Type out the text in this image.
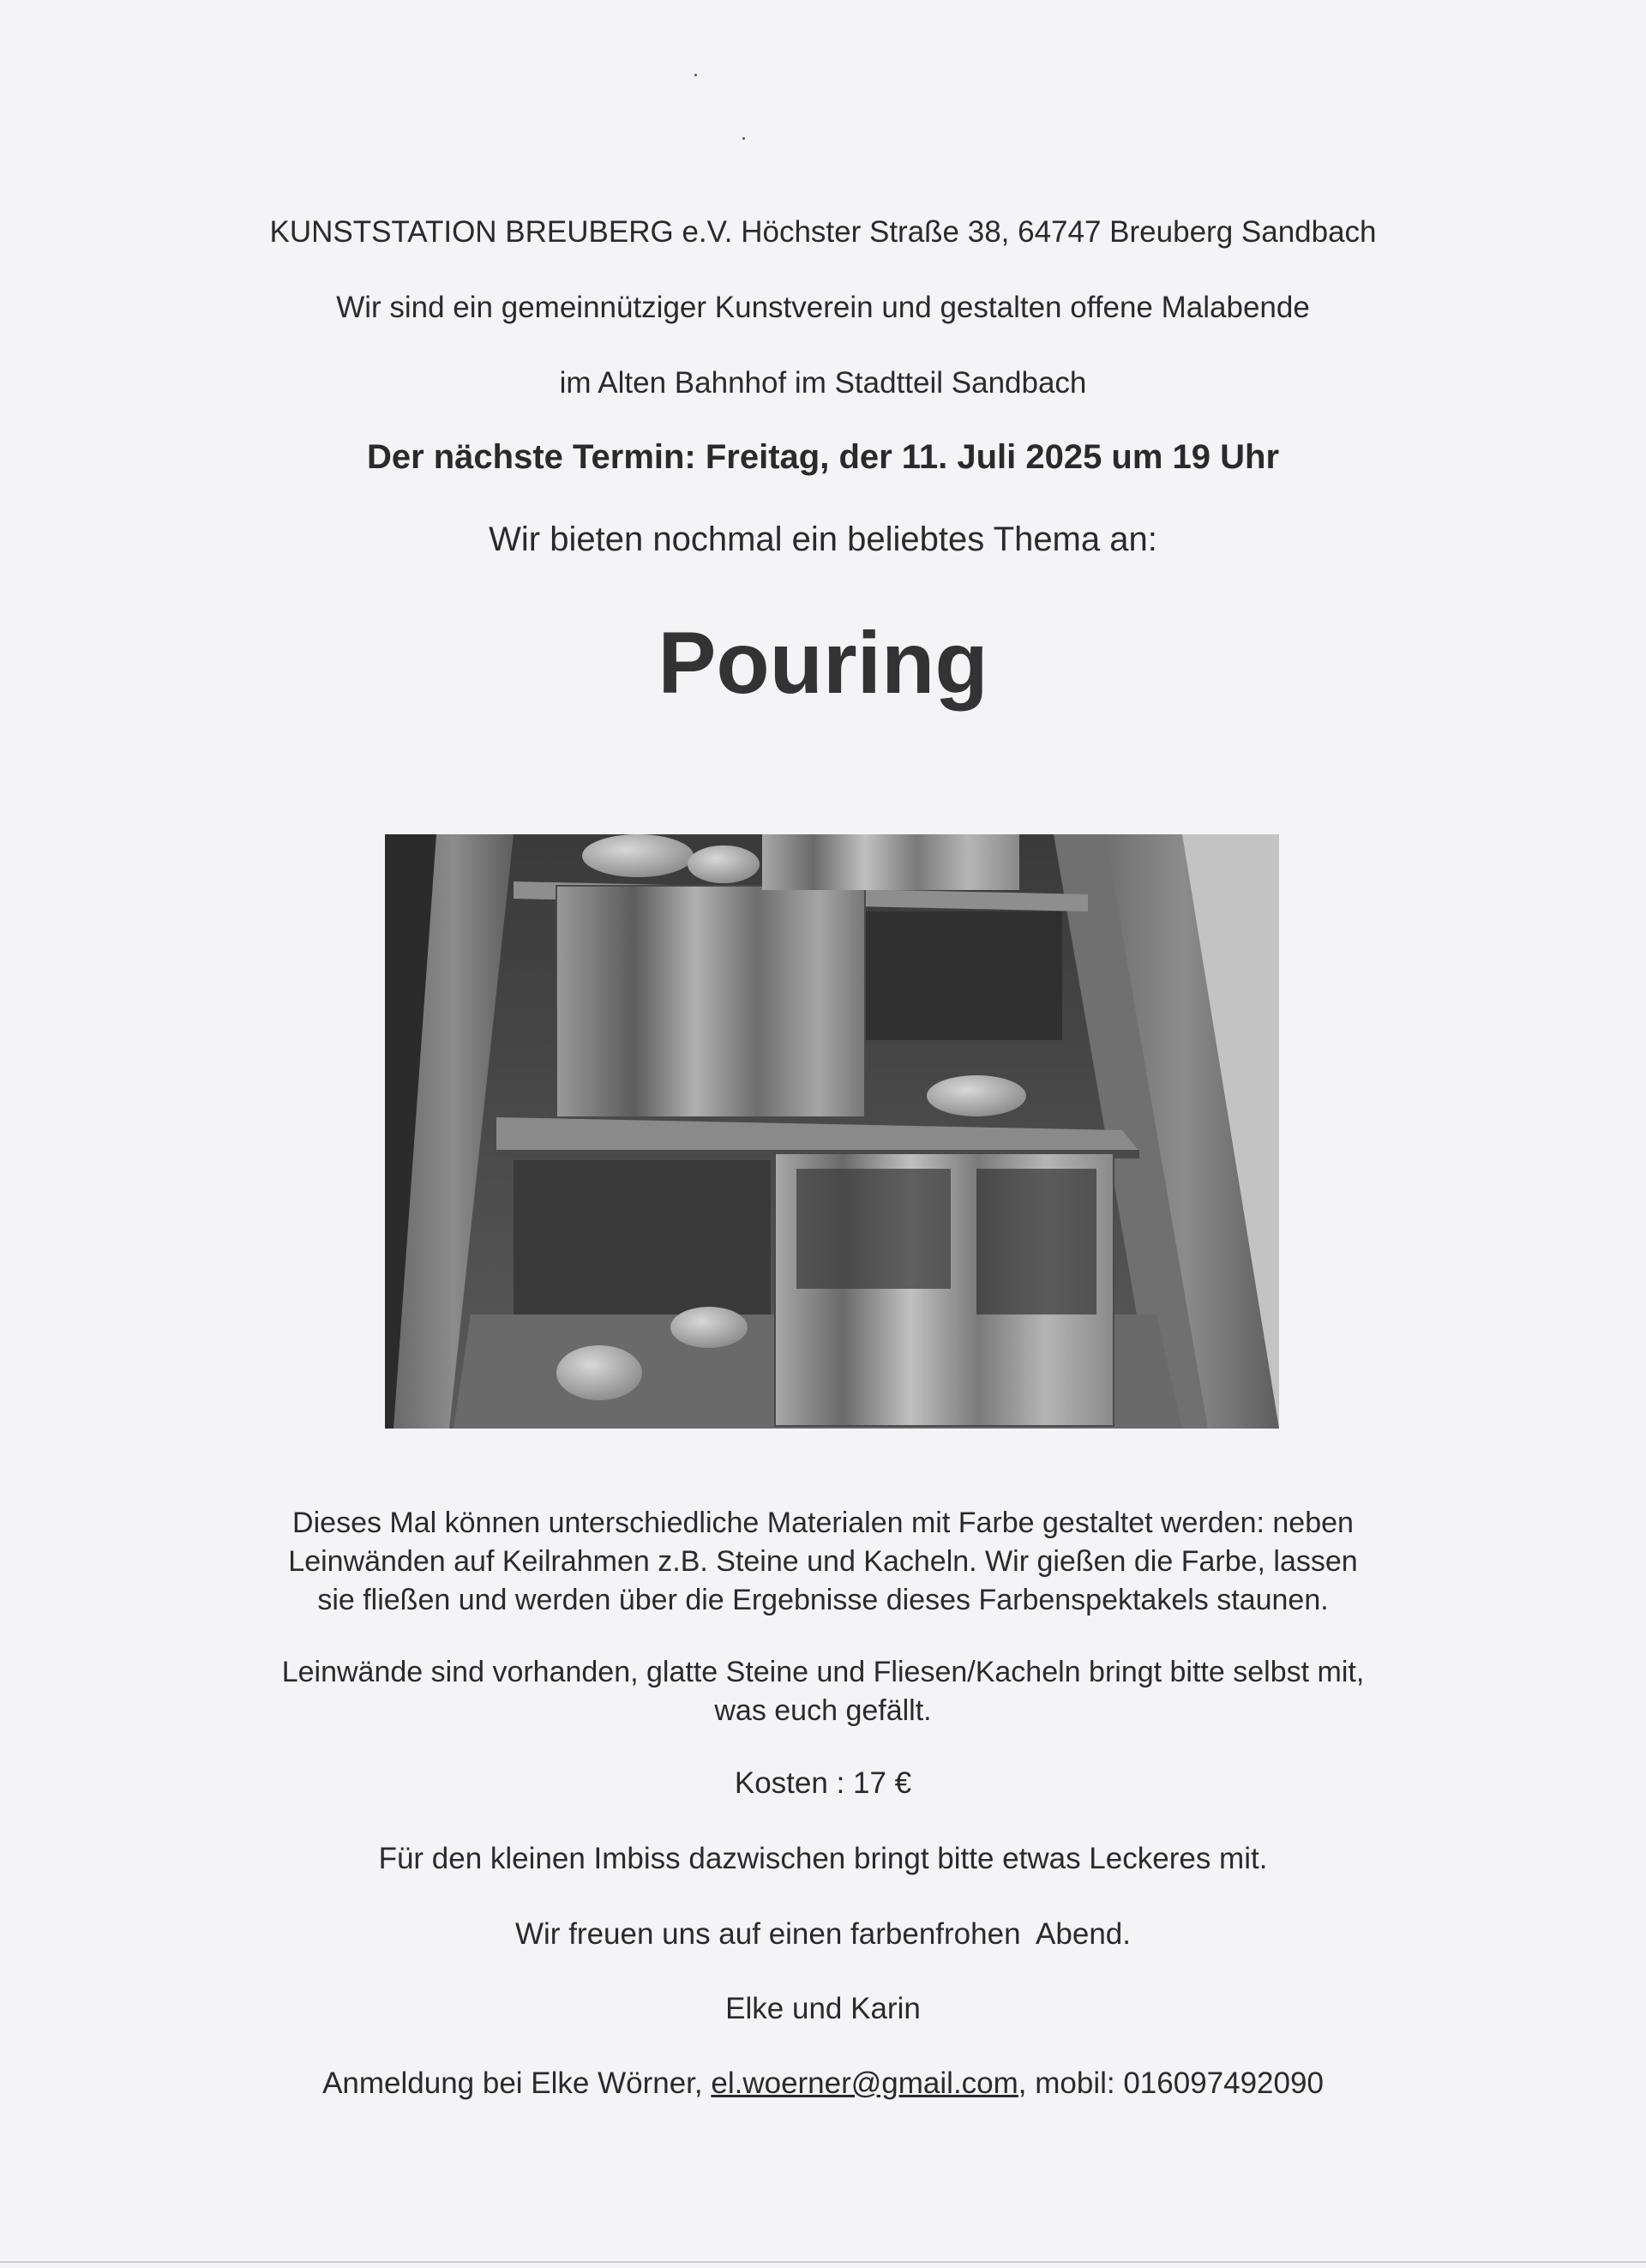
KUNSTSTATION BREUBERG e.V. Höchster Straße 38, 64747 Breuberg Sandbach
Wir sind ein gemeinnütziger Kunstverein und gestalten offene Malabende
im Alten Bahnhof im Stadtteil Sandbach
Der nächste Termin: Freitag, der 11. Juli 2025 um 19 Uhr
Wir bieten nochmal ein beliebtes Thema an:
Pouring
Dieses Mal können unterschiedliche Materialen mit Farbe gestaltet werden: neben
Leinwänden auf Keilrahmen z.B. Steine und Kacheln. Wir gießen die Farbe, lassen
sie fließen und werden über die Ergebnisse dieses Farbenspektakels staunen.
Leinwände sind vorhanden, glatte Steine und Fliesen/Kacheln bringt bitte selbst mit,
was euch gefällt.
Kosten : 17 €
Für den kleinen Imbiss dazwischen bringt bitte etwas Leckeres mit.
Wir freuen uns auf einen farbenfrohen  Abend.
Elke und Karin
Anmeldung bei Elke Wörner, el.woerner@gmail.com, mobil: 016097492090
